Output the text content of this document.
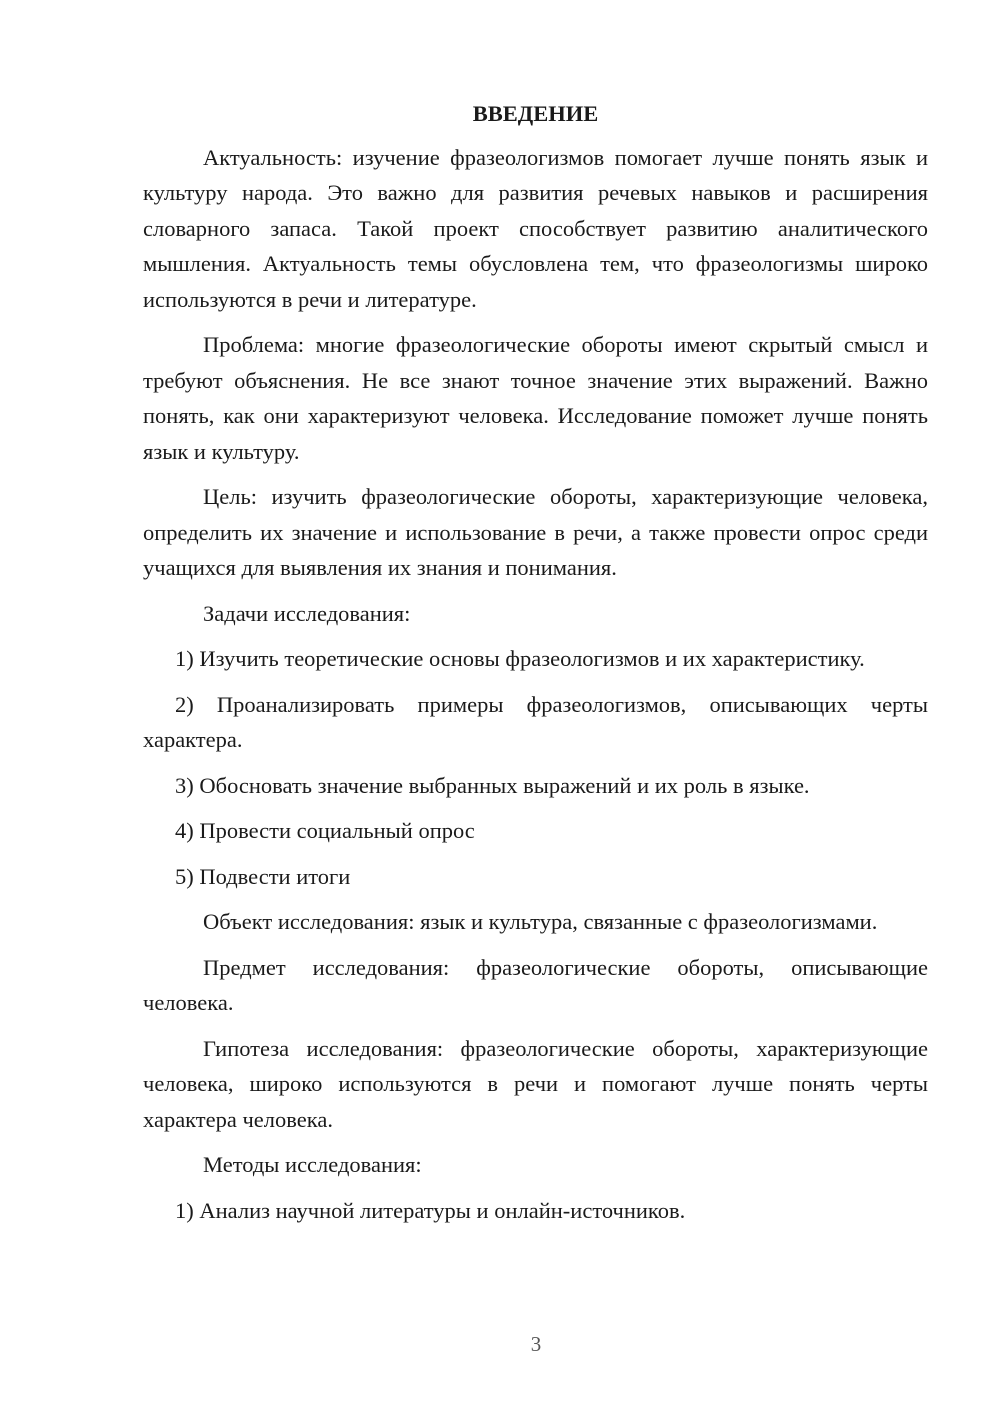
ВВЕДЕНИЕ

Актуальность: изучение фразеологизмов помогает лучше понять язык и культуру народа. Это важно для развития речевых навыков и расширения словарного запаса. Такой проект способствует развитию аналитического мышления. Актуальность темы обусловлена тем, что фразеологизмы широко используются в речи и литературе.

Проблема: многие фразеологические обороты имеют скрытый смысл и требуют объяснения. Не все знают точное значение этих выражений. Важно понять, как они характеризуют человека. Исследование поможет лучше понять язык и культуру.

Цель: изучить фразеологические обороты, характеризующие человека, определить их значение и использование в речи, а также провести опрос среди учащихся для выявления их знания и понимания.

Задачи исследования:

1) Изучить теоретические основы фразеологизмов и их характеристику.

2) Проанализировать примеры фразеологизмов, описывающих черты характера.

3) Обосновать значение выбранных выражений и их роль в языке.

4) Провести социальный опрос

5) Подвести итоги

Объект исследования: язык и культура, связанные с фразеологизмами.

Предмет исследования: фразеологические обороты, описывающие человека.

Гипотеза исследования: фразеологические обороты, характеризующие человека, широко используются в речи и помогают лучше понять черты характера человека.

Методы исследования:

1) Анализ научной литературы и онлайн-источников.

3
